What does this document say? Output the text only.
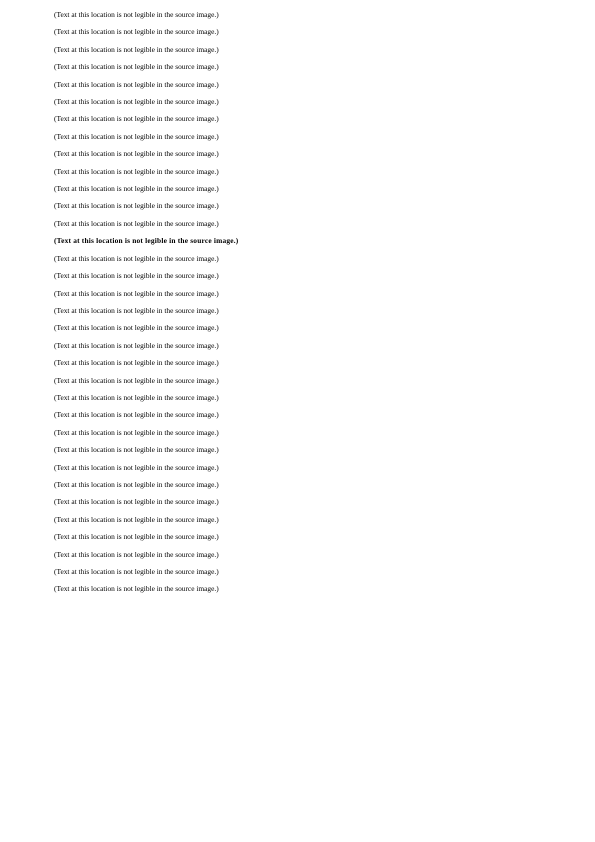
(Text at this location is not legible in the source image.)

(Text at this location is not legible in the source image.)

(Text at this location is not legible in the source image.)

(Text at this location is not legible in the source image.)

(Text at this location is not legible in the source image.)

(Text at this location is not legible in the source image.)

(Text at this location is not legible in the source image.)

(Text at this location is not legible in the source image.)

(Text at this location is not legible in the source image.)

(Text at this location is not legible in the source image.)

(Text at this location is not legible in the source image.)

(Text at this location is not legible in the source image.)

(Text at this location is not legible in the source image.)

(Text at this location is not legible in the source image.)

(Text at this location is not legible in the source image.)

(Text at this location is not legible in the source image.)

(Text at this location is not legible in the source image.)

(Text at this location is not legible in the source image.)

(Text at this location is not legible in the source image.)

(Text at this location is not legible in the source image.)

(Text at this location is not legible in the source image.)

(Text at this location is not legible in the source image.)

(Text at this location is not legible in the source image.)

(Text at this location is not legible in the source image.)

(Text at this location is not legible in the source image.)

(Text at this location is not legible in the source image.)

(Text at this location is not legible in the source image.)

(Text at this location is not legible in the source image.)

(Text at this location is not legible in the source image.)

(Text at this location is not legible in the source image.)

(Text at this location is not legible in the source image.)

(Text at this location is not legible in the source image.)

(Text at this location is not legible in the source image.)

(Text at this location is not legible in the source image.)
